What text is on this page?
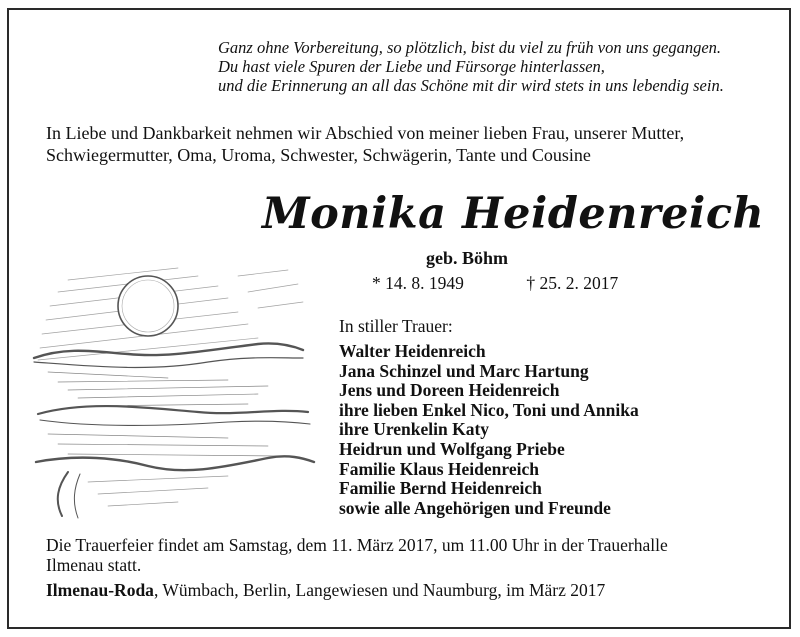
Ganz ohne Vorbereitung, so plötzlich, bist du viel zu früh von uns gegangen.
Du hast viele Spuren der Liebe und Fürsorge hinterlassen,
und die Erinnerung an all das Schöne mit dir wird stets in uns lebendig sein.
In Liebe und Dankbarkeit nehmen wir Abschied von meiner lieben Frau, unserer Mutter,
Schwiegermutter, Oma, Uroma, Schwester, Schwägerin, Tante und Cousine
Monika Heidenreich
geb. Böhm
* 14. 8. 1949	† 25. 2. 2017
In stiller Trauer:
Walter Heidenreich
Jana Schinzel und Marc Hartung
Jens und Doreen Heidenreich
ihre lieben Enkel Nico, Toni und Annika
ihre Urenkelin Katy
Heidrun und Wolfgang Priebe
Familie Klaus Heidenreich
Familie Bernd Heidenreich
sowie alle Angehörigen und Freunde
Die Trauerfeier findet am Samstag, dem 11. März 2017, um 11.00 Uhr in der Trauerhalle
Ilmenau statt.
Ilmenau-Roda, Wümbach, Berlin, Langewiesen und Naumburg, im März 2017
